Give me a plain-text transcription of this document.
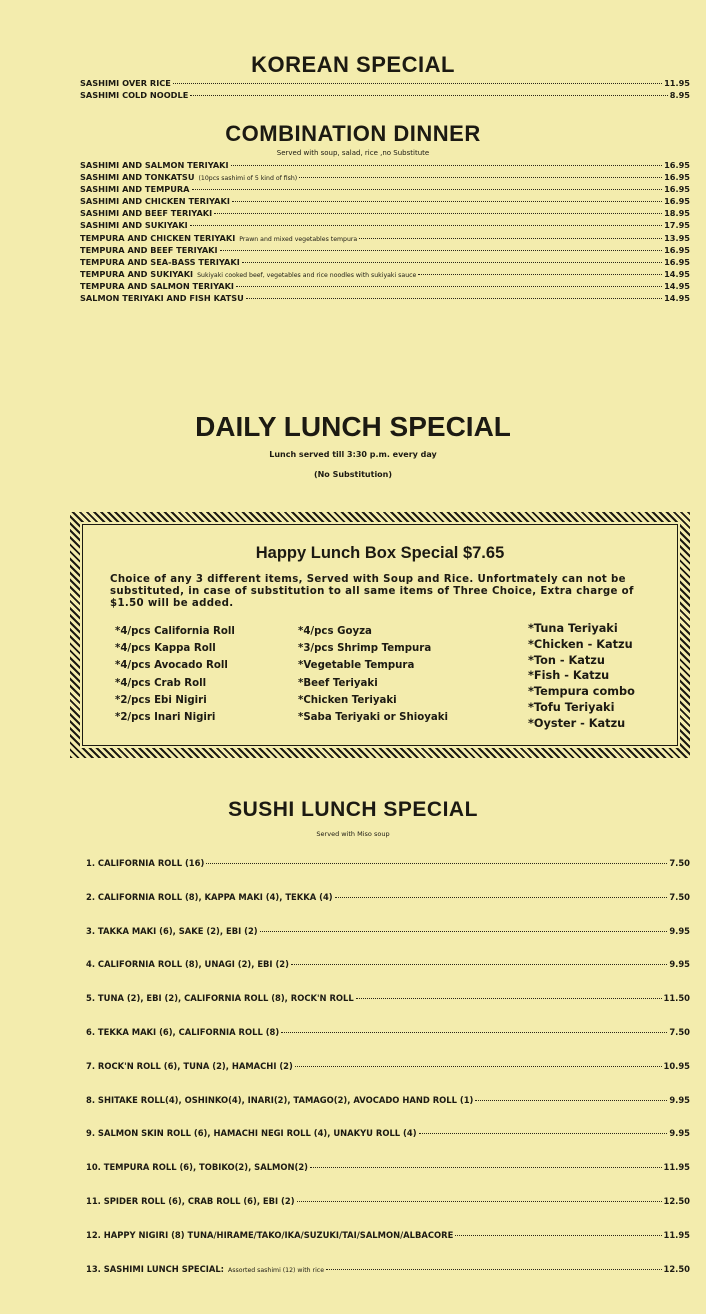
KOREAN SPECIAL
SASHIMI OVER RICE	11.95
SASHIMI COLD NOODLE	8.95
COMBINATION DINNER

Served with soup, salad, rice ,no Substitute

SASHIMI AND SALMON TERIYAKI	16.95
SASHIMI AND TONKATSU (10pcs sashimi of 5 kind of fish)	16.95
SASHIMI AND TEMPURA	16.95
SASHIMI AND CHICKEN TERIYAKI	16.95
SASHIMI AND BEEF TERIYAKI	18.95
SASHIMI AND SUKIYAKI	17.95
TEMPURA AND CHICKEN TERIYAKI Prawn and mixed vegetables tempura	13.95
TEMPURA AND BEEF TERIYAKI	16.95
TEMPURA AND SEA-BASS TERIYAKI	16.95
TEMPURA AND SUKIYAKI Sukiyaki cooked beef, vegetables and rice noodles with sukiyaki sauce	14.95
TEMPURA AND SALMON TERIYAKI	14.95
SALMON TERIYAKI AND FISH KATSU	14.95
DAILY LUNCH SPECIAL

Lunch served till 3:30 p.m. every day

(No Substitution)

Happy Lunch Box Special $7.65

Choice of any 3 different items, Served with Soup and Rice. Unfortmately can not be substituted, in case of substitution to all same items of Three Choice, Extra charge of $1.50 will be added.

*4/pcs California Roll
*4/pcs Kappa Roll
*4/pcs Avocado Roll
*4/pcs Crab Roll
*2/pcs Ebi Nigiri
*2/pcs Inari Nigiri
*4/pcs Goyza
*3/pcs Shrimp Tempura
*Vegetable Tempura
*Beef Teriyaki
*Chicken Teriyaki
*Saba Teriyaki or Shioyaki
*Tuna Teriyaki
*Chicken - Katzu
*Ton - Katzu
*Fish - Katzu
*Tempura combo
*Tofu Teriyaki
*Oyster - Katzu
SUSHI LUNCH SPECIAL

Served with Miso soup

1. CALIFORNIA ROLL (16)	7.50
2. CALIFORNIA ROLL (8), KAPPA MAKI (4), TEKKA (4)	7.50
3. TAKKA MAKI (6), SAKE (2), EBI (2)	9.95
4. CALIFORNIA ROLL (8), UNAGI (2), EBI (2)	9.95
5. TUNA (2), EBI (2), CALIFORNIA ROLL (8), ROCK'N ROLL	11.50
6. TEKKA MAKI (6), CALIFORNIA ROLL (8)	7.50
7. ROCK'N ROLL (6), TUNA (2), HAMACHI (2)	10.95
8. SHITAKE ROLL(4), OSHINKO(4), INARI(2), TAMAGO(2), AVOCADO HAND ROLL (1)	9.95
9. SALMON SKIN ROLL (6), HAMACHI NEGI ROLL (4), UNAKYU ROLL (4)	9.95
10. TEMPURA ROLL (6), TOBIKO(2), SALMON(2)	11.95
11. SPIDER ROLL (6), CRAB ROLL (6), EBI (2)	12.50
12. HAPPY NIGIRI (8) TUNA/HIRAME/TAKO/IKA/SUZUKI/TAI/SALMON/ALBACORE	11.95
13. SASHIMI LUNCH SPECIAL: Assorted sashimi (12) with rice	12.50
